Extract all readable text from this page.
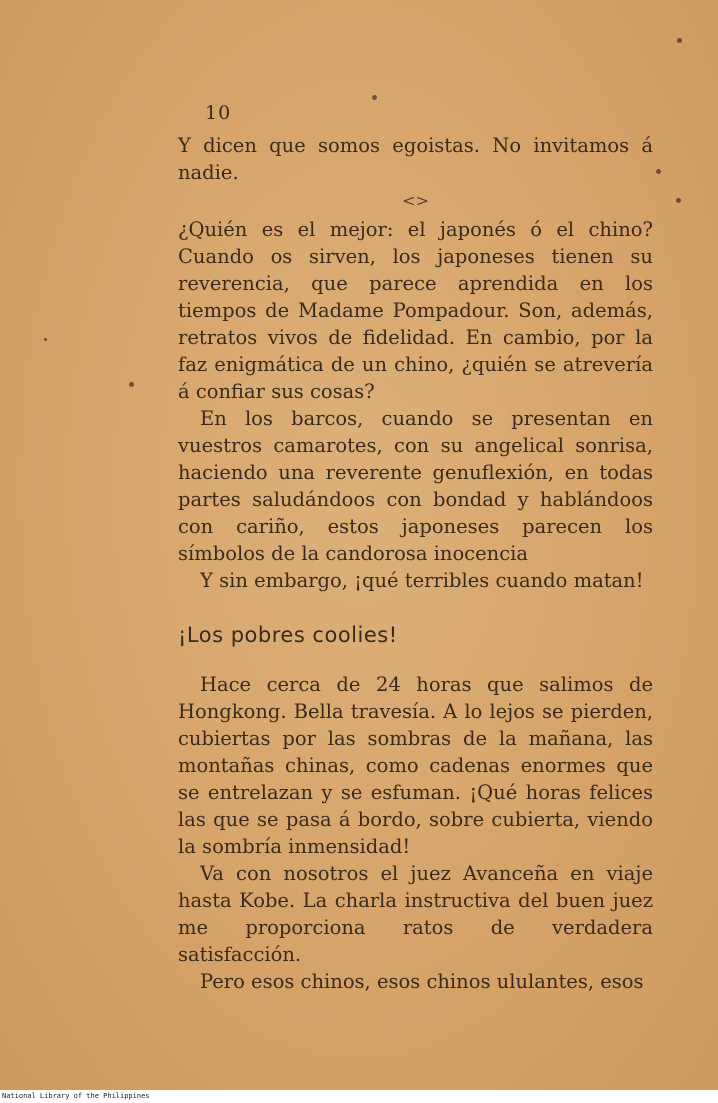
10

Y dicen que somos egoistas. No invitamos á nadie.

<>

¿Quién es el mejor: el japonés ó el chino? Cuando os sirven, los japoneses tienen su reverencia, que parece aprendida en los tiempos de Madame Pompadour. Son, además, retratos vivos de fidelidad. En cambio, por la faz enigmática de un chino, ¿quién se atrevería á confiar sus cosas?

En los barcos, cuando se presentan en vuestros camarotes, con su angelical sonrisa, haciendo una reverente genuflexión, en todas partes saludándoos con bondad y hablándoos con cariño, estos japoneses parecen los símbolos de la candorosa inocencia

Y sin embargo, ¡qué terribles cuando matan!

¡Los pobres coolies!

Hace cerca de 24 horas que salimos de Hongkong. Bella travesía. A lo lejos se pierden, cubiertas por las sombras de la mañana, las montañas chinas, como cadenas enormes que se entrelazan y se esfuman. ¡Qué horas felices las que se pasa á bordo, sobre cubierta, viendo la sombría inmensidad!

Va con nosotros el juez Avanceña en viaje hasta Kobe. La charla instructiva del buen juez me proporciona ratos de verdadera satisfacción.

Pero esos chinos, esos chinos ululantes, esos

National Library of the Philippines
